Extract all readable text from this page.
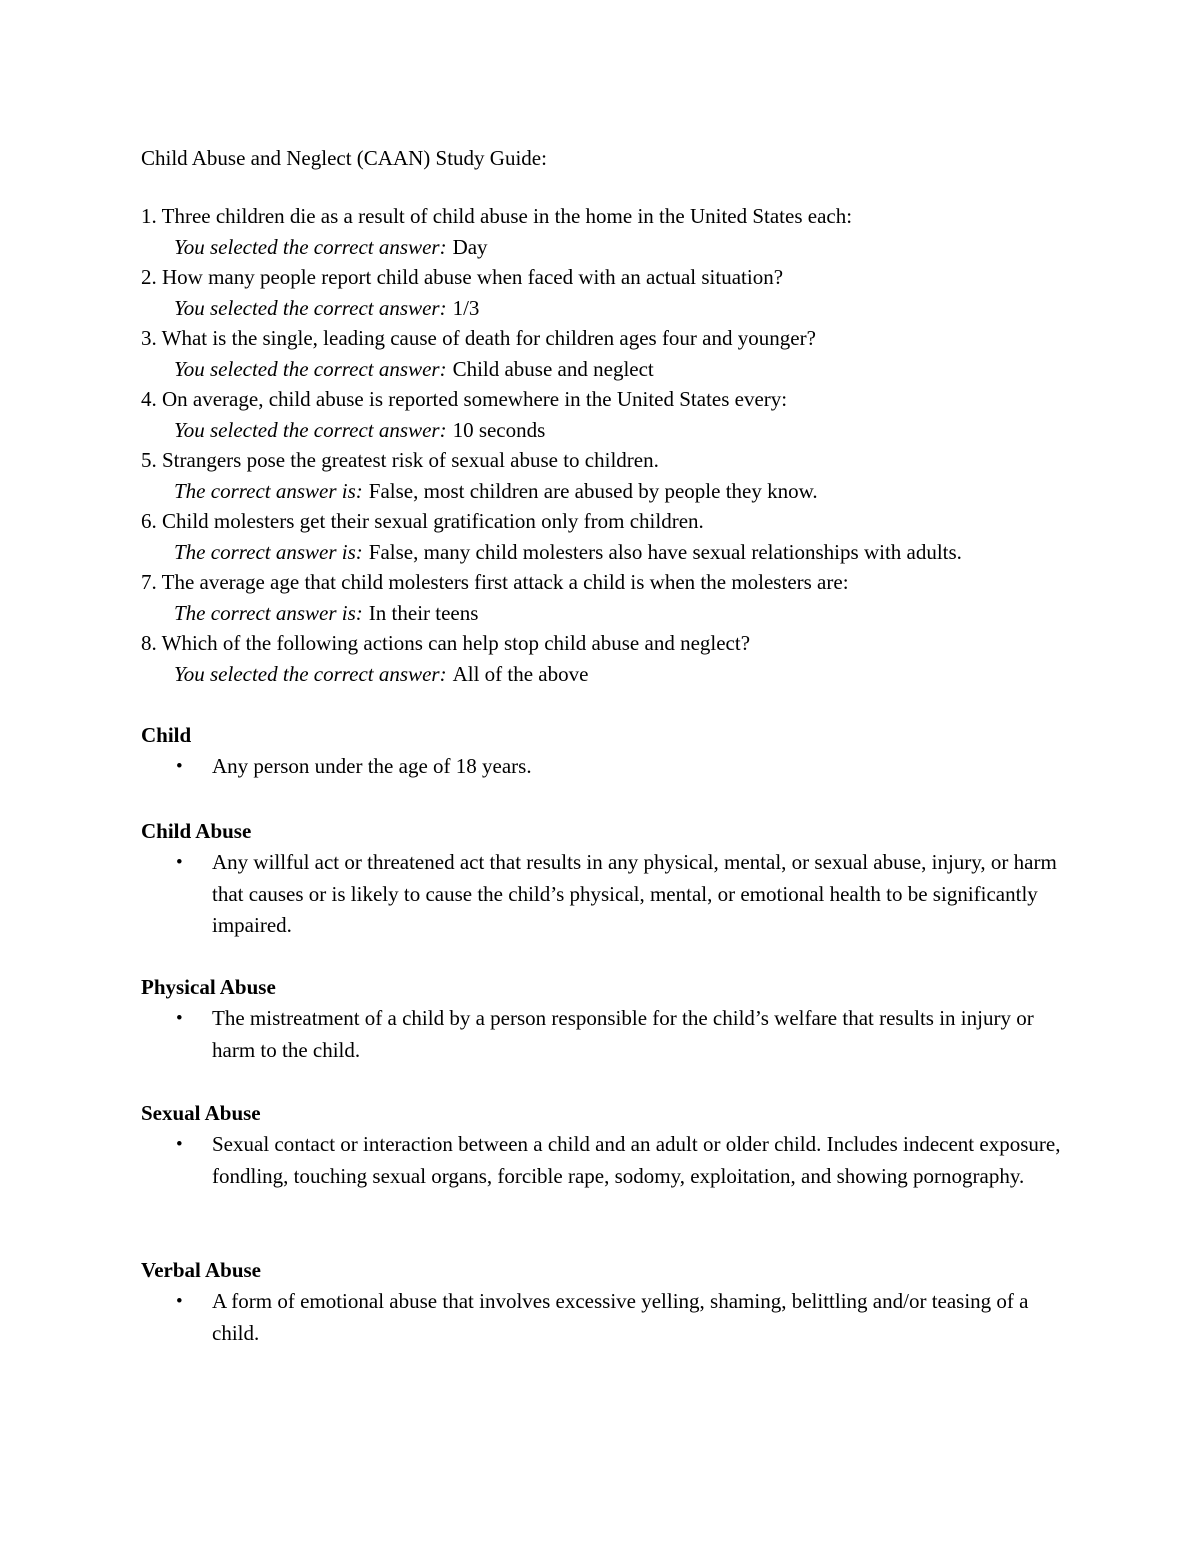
Child Abuse and Neglect (CAAN) Study Guide:
1. Three children die as a result of child abuse in the home in the United States each:
You selected the correct answer: Day
2. How many people report child abuse when faced with an actual situation?
You selected the correct answer: 1/3
3. What is the single, leading cause of death for children ages four and younger?
You selected the correct answer: Child abuse and neglect
4. On average, child abuse is reported somewhere in the United States every:
You selected the correct answer: 10 seconds
5. Strangers pose the greatest risk of sexual abuse to children.
The correct answer is: False, most children are abused by people they know.
6. Child molesters get their sexual gratification only from children.
The correct answer is: False, many child molesters also have sexual relationships with adults.
7. The average age that child molesters first attack a child is when the molesters are:
The correct answer is: In their teens
8. Which of the following actions can help stop child abuse and neglect?
You selected the correct answer: All of the above
Child
• Any person under the age of 18 years.
Child Abuse
• Any willful act or threatened act that results in any physical, mental, or sexual abuse, injury, or harm that causes or is likely to cause the child’s physical, mental, or emotional health to be significantly impaired.
Physical Abuse
• The mistreatment of a child by a person responsible for the child’s welfare that results in injury or harm to the child.
Sexual Abuse
• Sexual contact or interaction between a child and an adult or older child. Includes indecent exposure, fondling, touching sexual organs, forcible rape, sodomy, exploitation, and showing pornography.
Verbal Abuse
• A form of emotional abuse that involves excessive yelling, shaming, belittling and/or teasing of a child.
